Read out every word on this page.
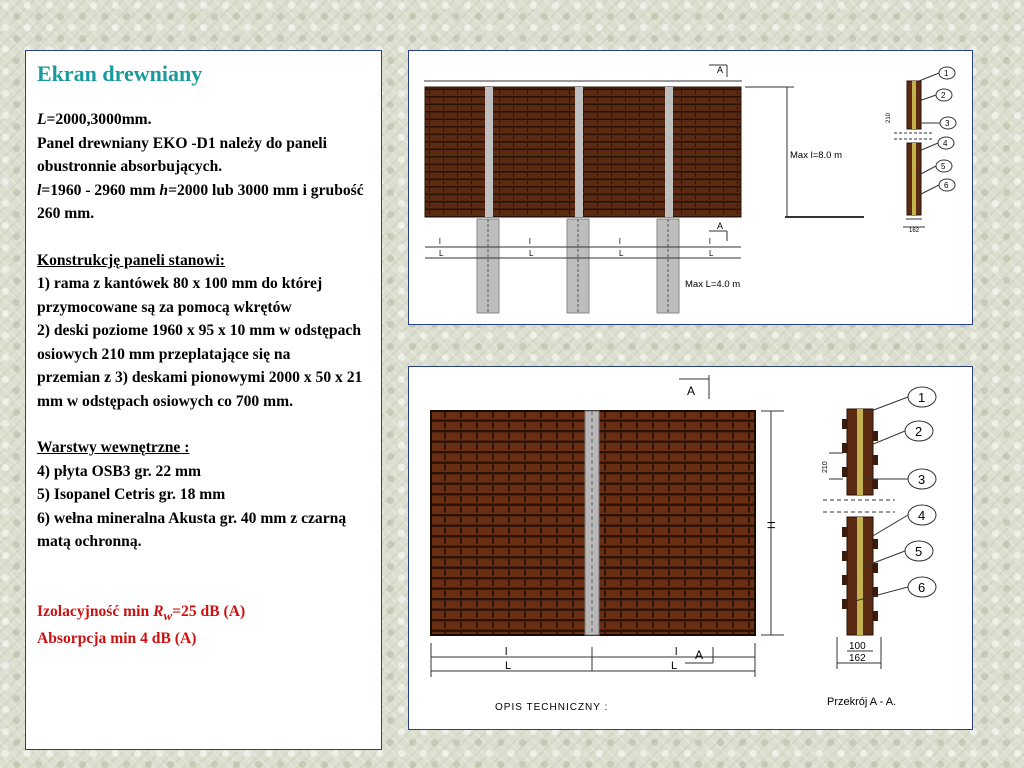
Ekran drewniany
L=2000,3000mm.
Panel drewniany EKO -D1 należy do paneli obustronnie absorbujących.
l=1960 - 2960 mm h=2000 lub 3000 mm i grubość 260 mm.
Konstrukcję paneli stanowi:
1) rama z kantówek 80 x 100 mm do której przymocowane są za pomocą wkrętów
2) deski poziome 1960 x 95 x 10 mm w odstępach osiowych 210 mm przeplatające się na
przemian z 3) deskami pionowymi 2000 x 50 x 21 mm w odstępach osiowych co 700 mm.
Warstwy wewnętrzne :
4) płyta OSB3 gr. 22 mm
5) Isopanel Cetris gr. 18 mm
6) wełna mineralna Akusta gr. 40 mm z czarną matą ochronną.
Izolacyjność $\min R_w=25$ dB (A)
Absorpcja min 4 dB (A)
A
l	l	l	l
L	L	L	L
A
Max l=8.0 m
Max L=4.0 m
210
162
1
2
3
4
5
6
A
H
l	l
L	L
A
OPIS TECHNICZNY :	Przekrój A - A.
210
100
162
1
2
3
4
5
6
